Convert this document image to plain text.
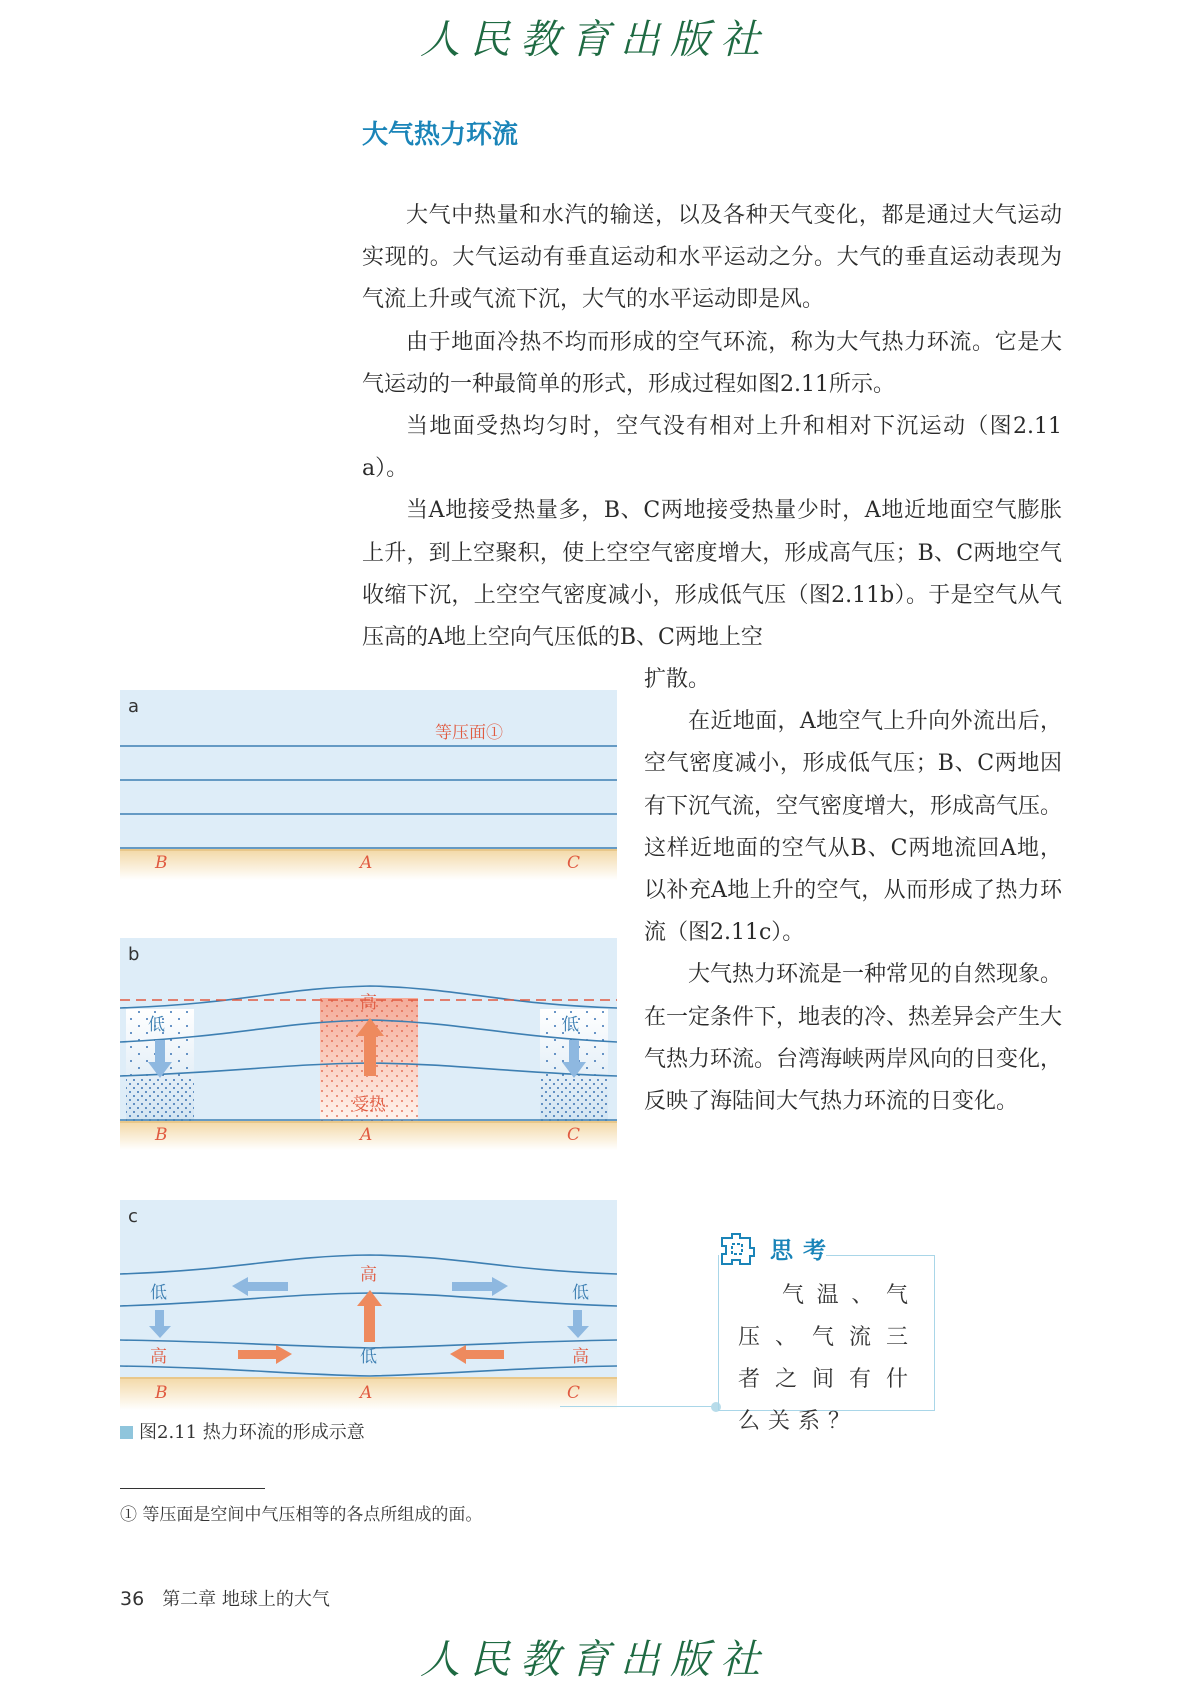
人民教育出版社
大气热力环流

大气中热量和水汽的输送，以及各种天气变化，都是通过大气运动实现的。大气运动有垂直运动和水平运动之分。大气的垂直运动表现为气流上升或气流下沉，大气的水平运动即是风。

由于地面冷热不均而形成的空气环流，称为大气热力环流。它是大气运动的一种最简单的形式，形成过程如图2.11所示。

当地面受热均匀时，空气没有相对上升和相对下沉运动（图2.11a）。

当A地接受热量多，B、C两地接受热量少时，A地近地面空气膨胀上升，到上空聚积，使上空空气密度增大，形成高气压；B、C两地空气收缩下沉，上空空气密度减小，形成低气压（图2.11b）。于是空气从气压高的A地上空向气压低的B、C两地上空

扩散。

在近地面，A地空气上升向外流出后，空气密度减小，形成低气压；B、C两地因有下沉气流，空气密度增大，形成高气压。这样近地面的空气从B、C两地流回A地，以补充A地上升的空气，从而形成了热力环流（图2.11c）。

大气热力环流是一种常见的自然现象。在一定条件下，地表的冷、热差异会产生大气热力环流。台湾海峡两岸风向的日变化，反映了海陆间大气热力环流的日变化。

a
等压面①
B	A	C
b
低
高
低
受热
B	A	C
c
低
高
低
高	低	高
B	A	C
图2.11 热力环流的形成示意
思考
气温、气压、气流三者之间有什么关系？
① 等压面是空间中气压相等的各点所组成的面。
36 第二章 地球上的大气
人民教育出版社
